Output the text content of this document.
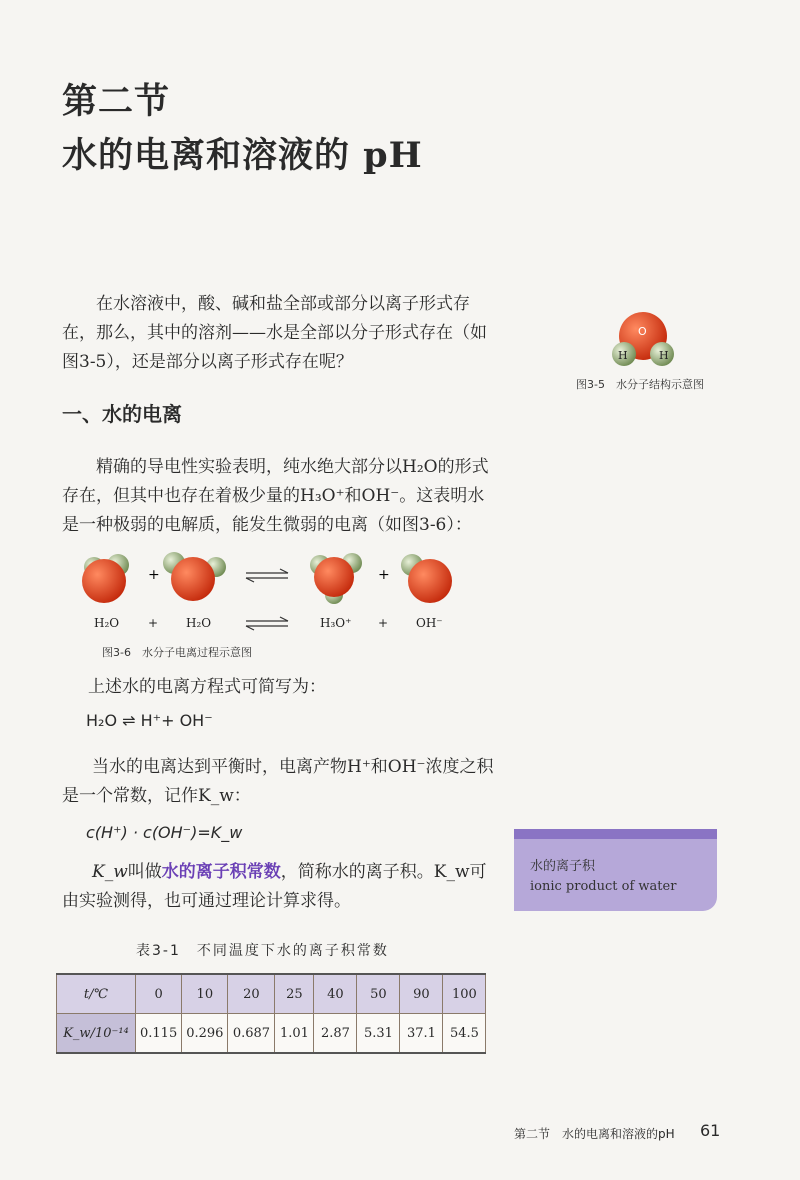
第二节
水的电离和溶液的 pH
在水溶液中，酸、碱和盐全部或部分以离子形式存在，那么，其中的溶剂——水是全部以分子形式存在（如图3-5），还是部分以离子形式存在呢？
O
H	H
图3-5　水分子结构示意图
一、水的电离
精确的导电性实验表明，纯水绝大部分以H₂O的形式存在，但其中也存在着极少量的H₃O⁺和OH⁻。这表明水是一种极弱的电解质，能发生微弱的电离（如图3-6）：
+	+
H₂O + H₂O	H₃O⁺ + OH⁻
图3-6　水分子电离过程示意图
上述水的电离方程式可简写为：
H₂O ⇌ H⁺+ OH⁻
当水的电离达到平衡时，电离产物H⁺和OH⁻浓度之积是一个常数，记作K_w：
c(H⁺) · c(OH⁻)=K_w
K_w叫做水的离子积常数，简称水的离子积。K_w可由实验测得，也可通过理论计算求得。
水的离子积
ionic product of water
表3-1　不同温度下水的离子积常数
t/℃	0	10	20	25	40	50	90	100
K_w/10⁻¹⁴	0.115	0.296	0.687	1.01	2.87	5.31	37.1	54.5
第二节　水的电离和溶液的pH 61
